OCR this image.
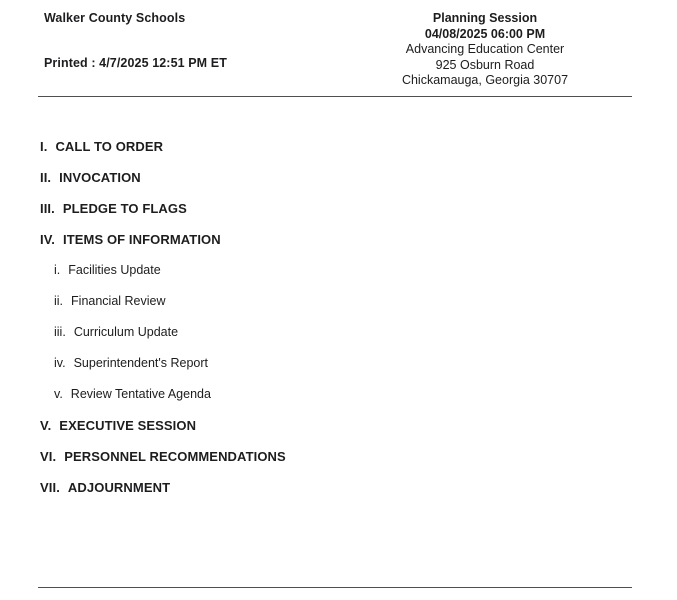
Walker County Schools
Printed : 4/7/2025 12:51 PM ET
Planning Session
04/08/2025 06:00 PM
Advancing Education Center
925 Osburn Road
Chickamauga, Georgia 30707
I. CALL TO ORDER
II. INVOCATION
III. PLEDGE TO FLAGS
IV. ITEMS OF INFORMATION
i. Facilities Update
ii. Financial Review
iii. Curriculum Update
iv. Superintendent's Report
v. Review Tentative Agenda
V. EXECUTIVE SESSION
VI. PERSONNEL RECOMMENDATIONS
VII. ADJOURNMENT
